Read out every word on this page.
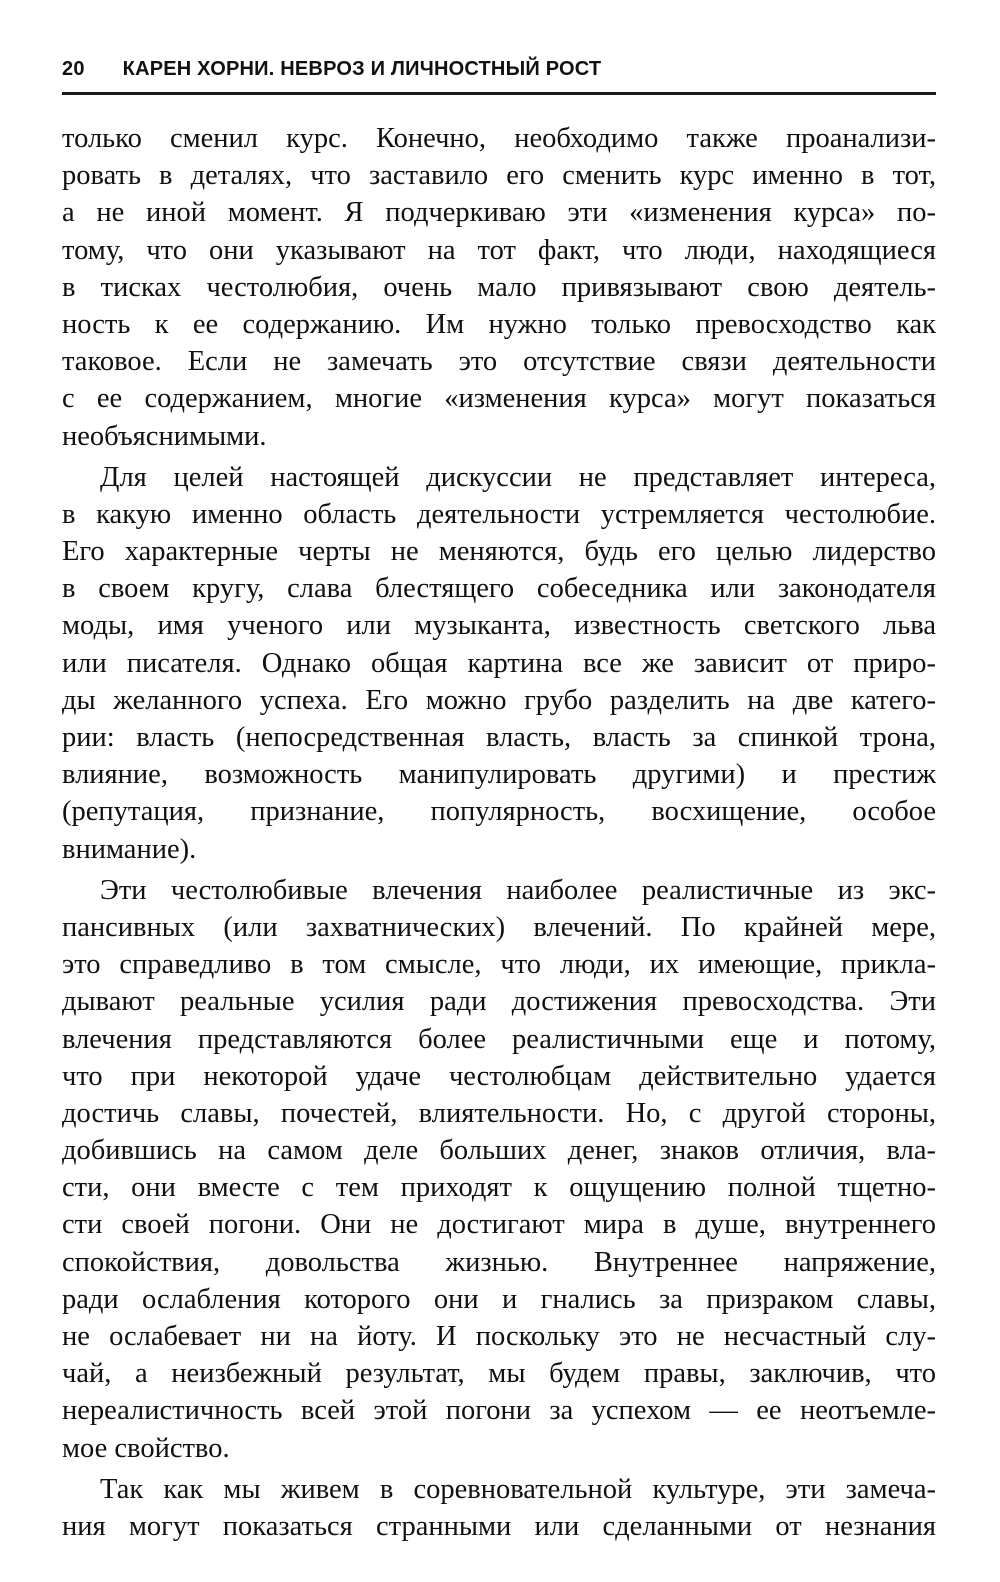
20 КАРЕН ХОРНИ. НЕВРОЗ И ЛИЧНОСТНЫЙ РОСТ
только сменил курс. Конечно, необходимо также проанализи-
ровать в деталях, что заставило его сменить курс именно в тот,
а не иной момент. Я подчеркиваю эти «изменения курса» по-
тому, что они указывают на тот факт, что люди, находящиеся
в тисках честолюбия, очень мало привязывают свою деятель-
ность к ее содержанию. Им нужно только превосходство как
таковое. Если не замечать это отсутствие связи деятельности
с ее содержанием, многие «изменения курса» могут показаться
необъяснимыми.
Для целей настоящей дискуссии не представляет интереса,
в какую именно область деятельности устремляется честолюбие.
Его характерные черты не меняются, будь его целью лидерство
в своем кругу, слава блестящего собеседника или законодателя
моды, имя ученого или музыканта, известность светского льва
или писателя. Однако общая картина все же зависит от приро-
ды желанного успеха. Его можно грубо разделить на две катего-
рии: власть (непосредственная власть, власть за спинкой трона,
влияние, возможность манипулировать другими) и престиж
(репутация, признание, популярность, восхищение, особое
внимание).
Эти честолюбивые влечения наиболее реалистичные из экс-
пансивных (или захватнических) влечений. По крайней мере,
это справедливо в том смысле, что люди, их имеющие, прикла-
дывают реальные усилия ради достижения превосходства. Эти
влечения представляются более реалистичными еще и потому,
что при некоторой удаче честолюбцам действительно удается
достичь славы, почестей, влиятельности. Но, с другой стороны,
добившись на самом деле больших денег, знаков отличия, вла-
сти, они вместе с тем приходят к ощущению полной тщетно-
сти своей погони. Они не достигают мира в душе, внутреннего
спокойствия, довольства жизнью. Внутреннее напряжение,
ради ослабления которого они и гнались за призраком славы,
не ослабевает ни на йоту. И поскольку это не несчастный слу-
чай, а неизбежный результат, мы будем правы, заключив, что
нереалистичность всей этой погони за успехом — ее неотъемле-
мое свойство.
Так как мы живем в соревновательной культуре, эти замеча-
ния могут показаться странными или сделанными от незнания
